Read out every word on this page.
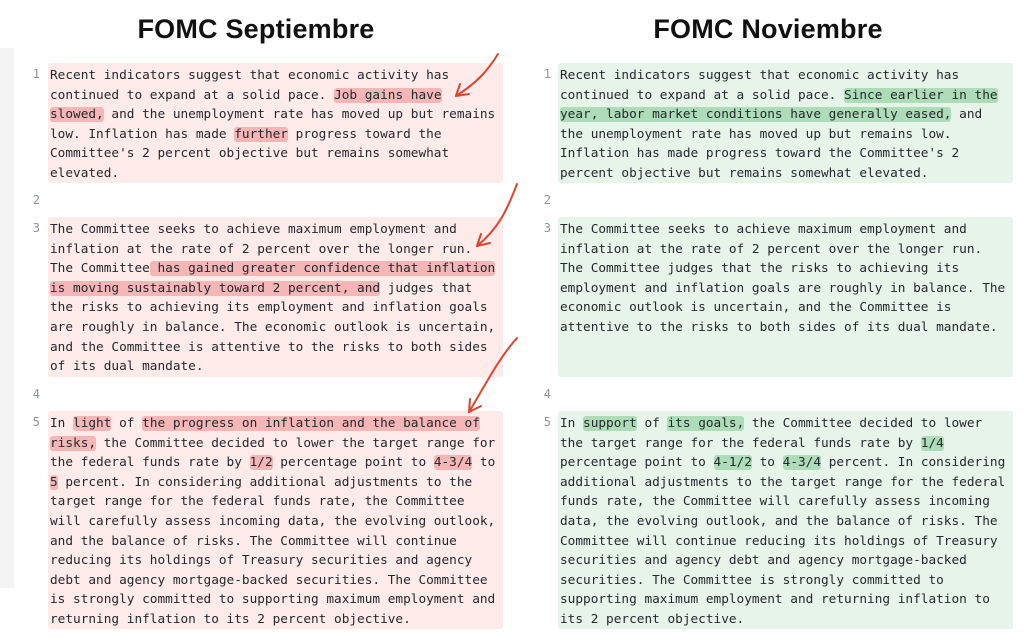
FOMC Septiembre
1 Recent indicators suggest that economic activity has
continued to expand at a solid pace. Job gains have
slowed, and the unemployment rate has moved up but remains
low. Inflation has made further progress toward the
Committee's 2 percent objective but remains somewhat
elevated.
2
3 The Committee seeks to achieve maximum employment and
inflation at the rate of 2 percent over the longer run.
The Committee has gained greater confidence that inflation
is moving sustainably toward 2 percent, and judges that
the risks to achieving its employment and inflation goals
are roughly in balance. The economic outlook is uncertain,
and the Committee is attentive to the risks to both sides
of its dual mandate.
4
5 In light of the progress on inflation and the balance of
risks, the Committee decided to lower the target range for
the federal funds rate by 1/2 percentage point to 4-3/4 to
5 percent. In considering additional adjustments to the
target range for the federal funds rate, the Committee
will carefully assess incoming data, the evolving outlook,
and the balance of risks. The Committee will continue
reducing its holdings of Treasury securities and agency
debt and agency mortgage-backed securities. The Committee
is strongly committed to supporting maximum employment and
returning inflation to its 2 percent objective.
FOMC Noviembre
1 Recent indicators suggest that economic activity has
continued to expand at a solid pace. Since earlier in the
year, labor market conditions have generally eased, and
the unemployment rate has moved up but remains low.
Inflation has made progress toward the Committee's 2
percent objective but remains somewhat elevated.
2
3 The Committee seeks to achieve maximum employment and
inflation at the rate of 2 percent over the longer run.
The Committee judges that the risks to achieving its
employment and inflation goals are roughly in balance. The
economic outlook is uncertain, and the Committee is
attentive to the risks to both sides of its dual mandate.
4
5 In support of its goals, the Committee decided to lower
the target range for the federal funds rate by 1/4
percentage point to 4-1/2 to 4-3/4 percent. In considering
additional adjustments to the target range for the federal
funds rate, the Committee will carefully assess incoming
data, the evolving outlook, and the balance of risks. The
Committee will continue reducing its holdings of Treasury
securities and agency debt and agency mortgage-backed
securities. The Committee is strongly committed to
supporting maximum employment and returning inflation to
its 2 percent objective.
